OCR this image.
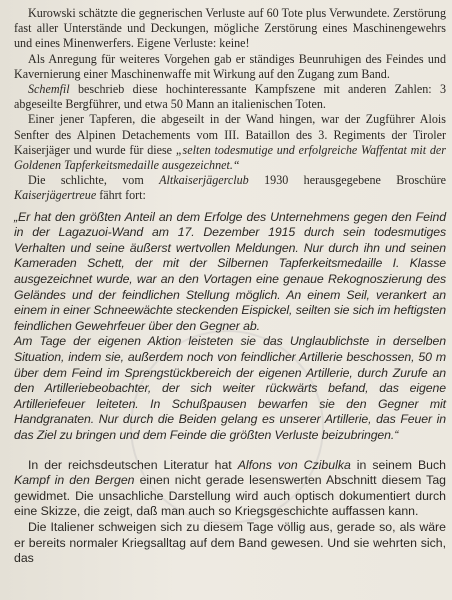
Kurowski schätzte die gegnerischen Verluste auf 60 Tote plus Verwundete. Zerstörung fast aller Unterstände und Deckungen, mögliche Zerstörung eines Maschinengewehrs und eines Minenwerfers. Eigene Verluste: keine!

Als Anregung für weiteres Vorgehen gab er ständiges Beunruhigen des Feindes und Kavernierung einer Maschinenwaffe mit Wirkung auf den Zugang zum Band.

Schemfil beschrieb diese hochinteressante Kampfszene mit anderen Zahlen: 3 abgeseilte Bergführer, und etwa 50 Mann an italienischen Toten.

Einer jener Tapferen, die abgeseilt in der Wand hingen, war der Zugführer Alois Senfter des Alpinen Detachements vom III. Bataillon des 3. Regiments der Tiroler Kaiserjäger und wurde für diese „selten todesmutige und erfolgreiche Waffentat mit der Goldenen Tapferkeitsmedaille ausgezeichnet.“

Die schlichte, vom Altkaiserjägerclub 1930 herausgegebene Broschüre Kaiserjägertreue fährt fort:

„Er hat den größten Anteil an dem Erfolge des Unternehmens gegen den Feind in der Lagazuoi-Wand am 17. Dezember 1915 durch sein todesmutiges Verhalten und seine äußerst wertvollen Meldungen. Nur durch ihn und seinen Kameraden Schett, der mit der Silbernen Tapferkeitsmedaille I. Klasse ausgezeichnet wurde, war an den Vortagen eine genaue Rekognoszierung des Geländes und der feindlichen Stellung möglich. An einem Seil, verankert an einem in einer Schneewächte steckenden Eispickel, seilten sie sich im heftigsten feindlichen Gewehrfeuer über den Gegner ab.

Am Tage der eigenen Aktion leisteten sie das Unglaublichste in derselben Situation, indem sie, außerdem noch von feindlicher Artillerie beschossen, 50 m über dem Feind im Sprengstückbereich der eigenen Artillerie, durch Zurufe an den Artilleriebeobachter, der sich weiter rückwärts befand, das eigene Artilleriefeuer leiteten. In Schußpausen bewarfen sie den Gegner mit Handgranaten. Nur durch die Beiden gelang es unserer Artillerie, das Feuer in das Ziel zu bringen und dem Feinde die größten Verluste beizubringen.“

In der reichsdeutschen Literatur hat Alfons von Czibulka in seinem Buch Kampf in den Bergen einen nicht gerade lesenswerten Abschnitt diesem Tag gewidmet. Die unsachliche Darstellung wird auch optisch dokumentiert durch eine Skizze, die zeigt, daß man auch so Kriegsgeschichte auffassen kann.

Die Italiener schweigen sich zu diesem Tage völlig aus, gerade so, als wäre er bereits normaler Kriegsalltag auf dem Band gewesen. Und sie wehrten sich, das
